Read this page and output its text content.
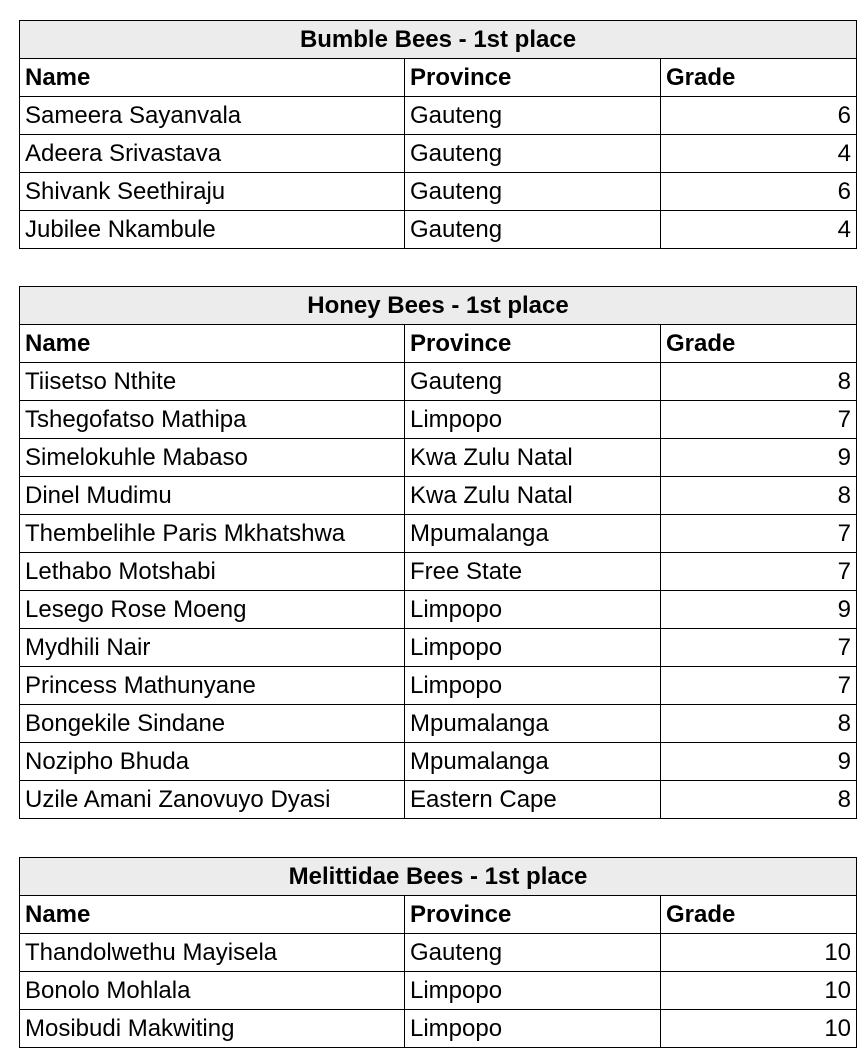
Bumble Bees - 1st place		
Name	Province	Grade
Sameera Sayanvala	Gauteng	6
Adeera Srivastava	Gauteng	4
Shivank Seethiraju	Gauteng	6
Jubilee Nkambule	Gauteng	4
Honey Bees - 1st place		
Name	Province	Grade
Tiisetso Nthite	Gauteng	8
Tshegofatso Mathipa	Limpopo	7
Simelokuhle Mabaso	Kwa Zulu Natal	9
Dinel Mudimu	Kwa Zulu Natal	8
Thembelihle Paris Mkhatshwa	Mpumalanga	7
Lethabo Motshabi	Free State	7
Lesego Rose Moeng	Limpopo	9
Mydhili Nair	Limpopo	7
Princess Mathunyane	Limpopo	7
Bongekile Sindane	Mpumalanga	8
Nozipho Bhuda	Mpumalanga	9
Uzile Amani Zanovuyo Dyasi	Eastern Cape	8
Melittidae Bees - 1st place		
Name	Province	Grade
Thandolwethu Mayisela	Gauteng	10
Bonolo Mohlala	Limpopo	10
Mosibudi Makwiting	Limpopo	10
